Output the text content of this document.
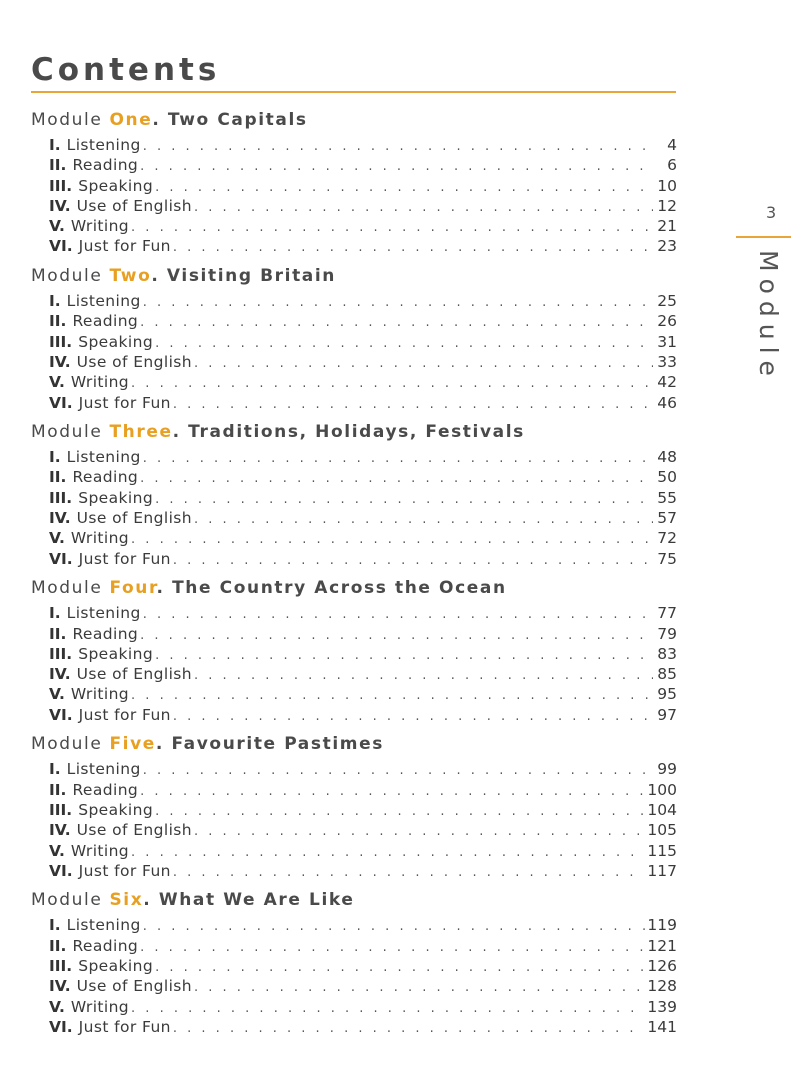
Contents
Module One. Two Capitals
I. Listening . . .	4
II. Reading . . .	6
III. Speaking . . .	10
IV. Use of English . . .	12
V. Writing . . .	21
VI. Just for Fun . . .	23
Module Two. Visiting Britain
I. Listening . . .	25
II. Reading . . .	26
III. Speaking . . .	31
IV. Use of English . . .	33
V. Writing . . .	42
VI. Just for Fun . . .	46
Module Three. Traditions, Holidays, Festivals
I. Listening . . .	48
II. Reading . . .	50
III. Speaking . . .	55
IV. Use of English . . .	57
V. Writing . . .	72
VI. Just for Fun . . .	75
Module Four. The Country Across the Ocean
I. Listening . . .	77
II. Reading . . .	79
III. Speaking . . .	83
IV. Use of English . . .	85
V. Writing . . .	95
VI. Just for Fun . . .	97
Module Five. Favourite Pastimes
I. Listening . . .	99
II. Reading . . .	100
III. Speaking . . .	104
IV. Use of English . . .	105
V. Writing . . .	115
VI. Just for Fun . . .	117
Module Six. What We Are Like
I. Listening . . .	119
II. Reading . . .	121
III. Speaking . . .	126
IV. Use of English . . .	128
V. Writing . . .	139
VI. Just for Fun . . .	141
3
Module
